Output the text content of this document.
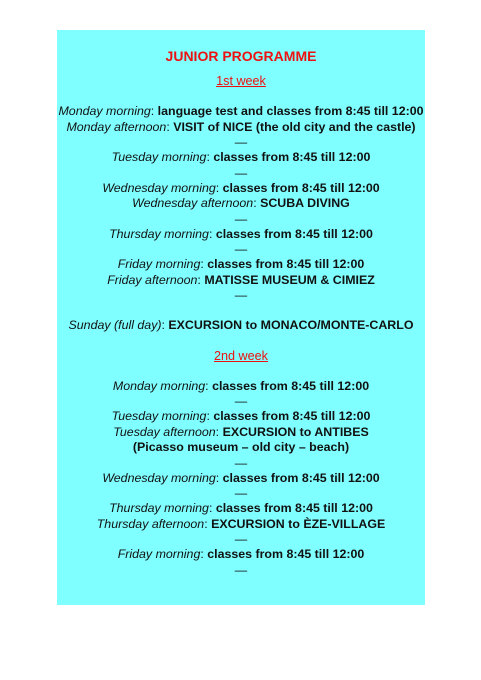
JUNIOR PROGRAMME
1st week

Monday morning: language test and classes from 8:45 till 12:00

Monday afternoon: VISIT of NICE (the old city and the castle)

—

Tuesday morning: classes from 8:45 till 12:00

—

Wednesday morning: classes from 8:45 till 12:00

Wednesday afternoon: SCUBA DIVING

—

Thursday morning: classes from 8:45 till 12:00

—

Friday morning: classes from 8:45 till 12:00

Friday afternoon: MATISSE MUSEUM & CIMIEZ

—

Sunday (full day): EXCURSION to MONACO/MONTE-CARLO

2nd week

Monday morning: classes from 8:45 till 12:00

—

Tuesday morning: classes from 8:45 till 12:00

Tuesday afternoon: EXCURSION to ANTIBES

(Picasso museum – old city – beach)

—

Wednesday morning: classes from 8:45 till 12:00

—

Thursday morning: classes from 8:45 till 12:00

Thursday afternoon: EXCURSION to ÈZE-VILLAGE

—

Friday morning: classes from 8:45 till 12:00

—
